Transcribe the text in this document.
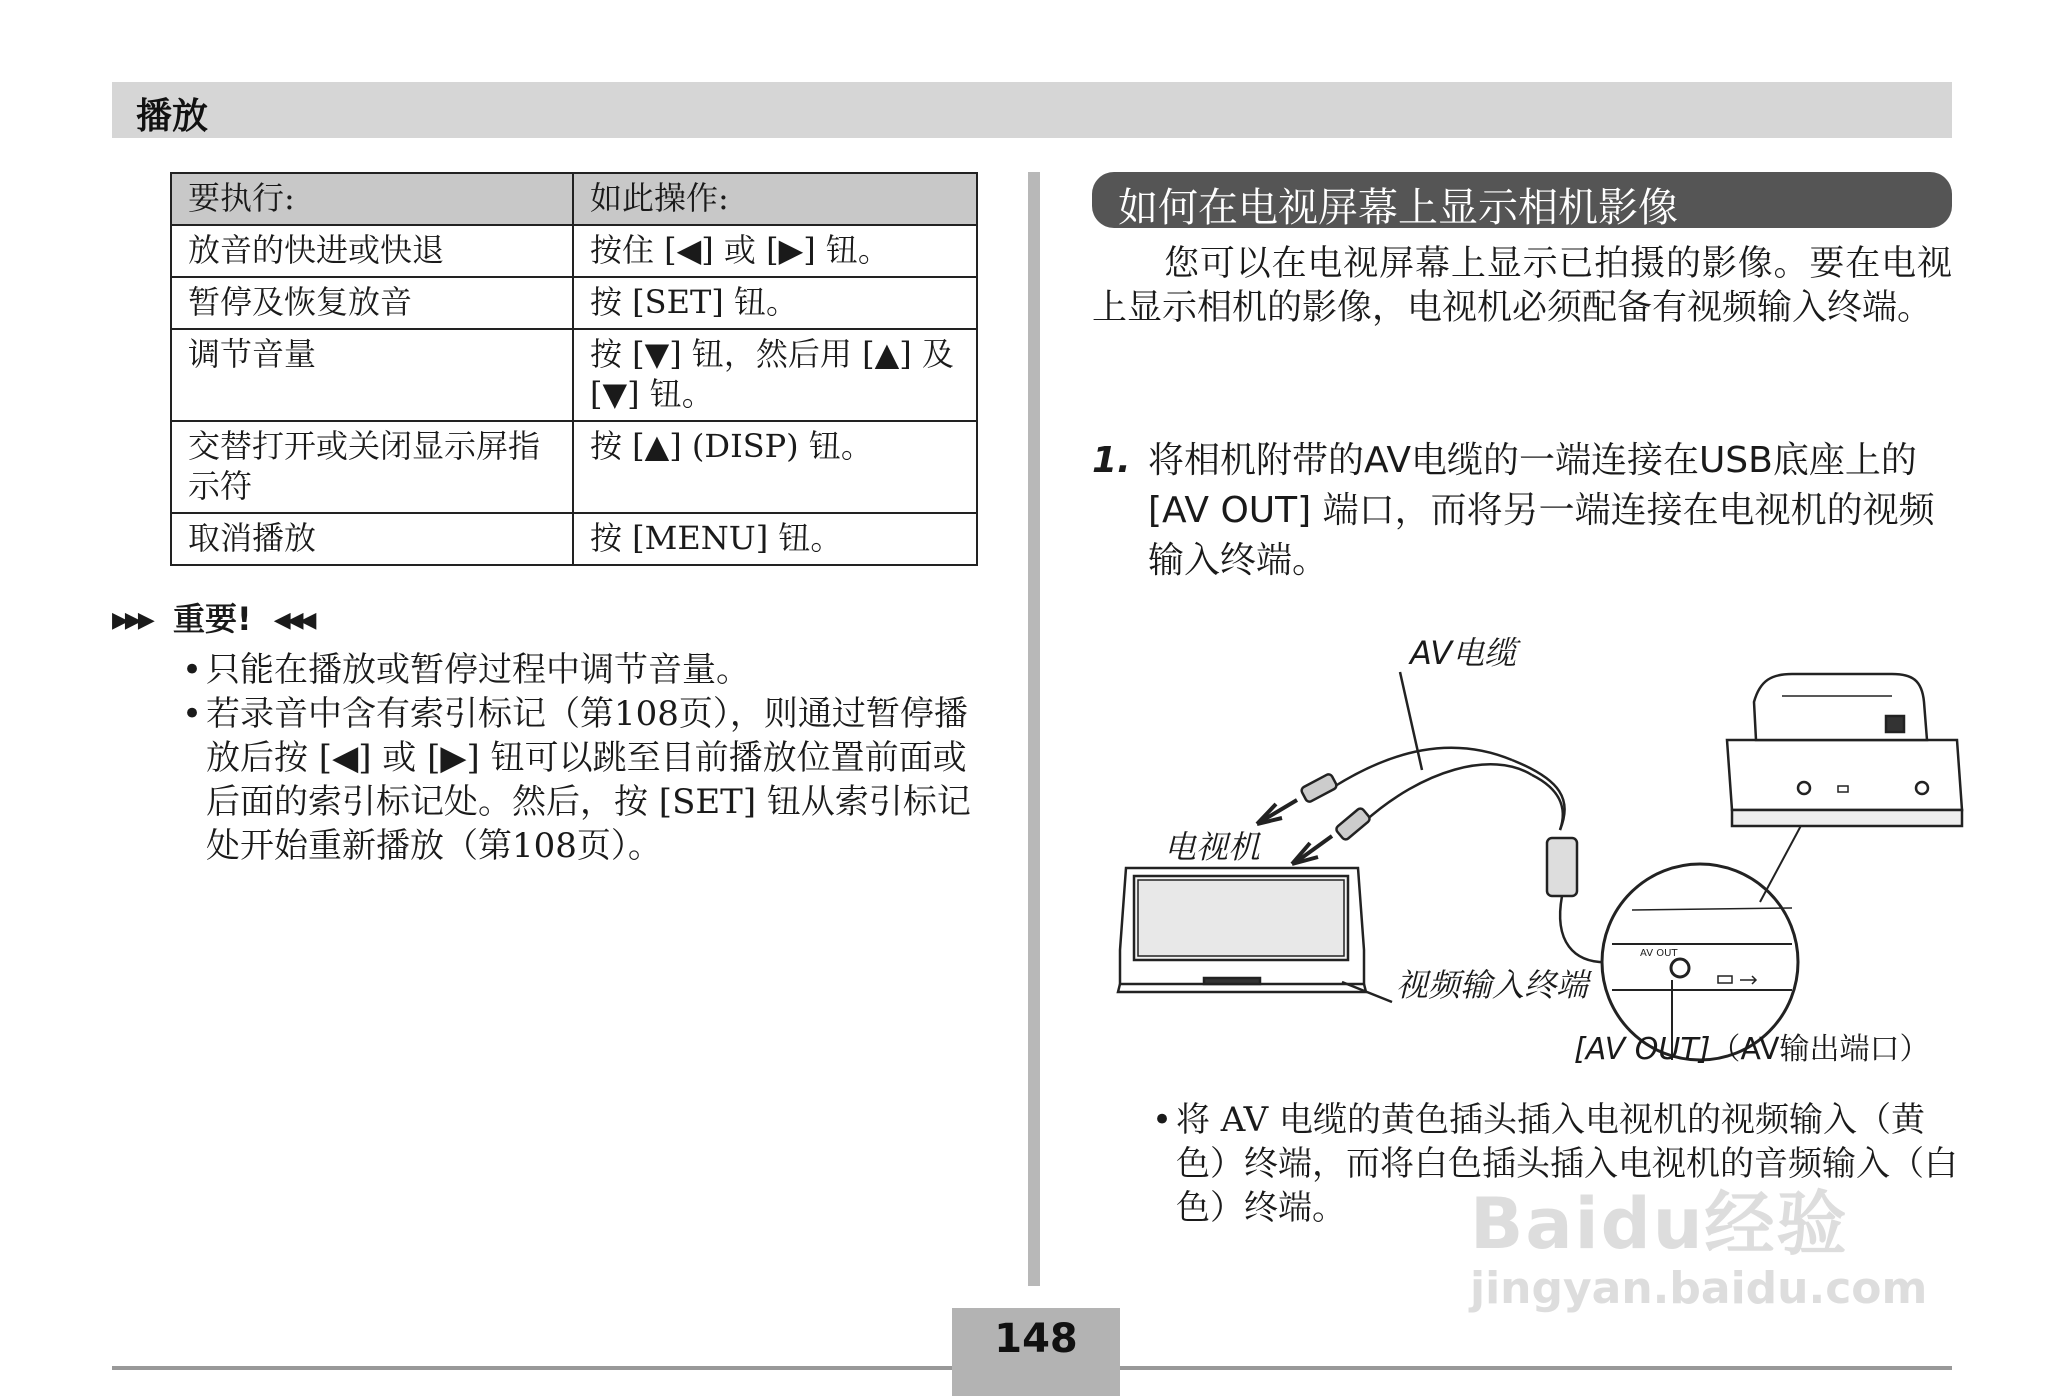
播放
要执行:	如此操作:
放音的快进或快退	按住 [◀] 或 [▶] 钮。
暂停及恢复放音	按 [SET] 钮。
调节音量	按 [▼] 钮，然后用 [▲] 及 [▼] 钮。
交替打开或关闭显示屏指示符	按 [▲] (DISP) 钮。
取消播放	按 [MENU] 钮。
▶▶▶ 重要! ◀◀◀
• 只能在播放或暂停过程中调节音量。
• 若录音中含有索引标记（第108页），则通过暂停播放后按 [◀] 或 [▶] 钮可以跳至目前播放位置前面或后面的索引标记处。然后，按 [SET] 钮从索引标记处开始重新播放（第108页）。
如何在电视屏幕上显示相机影像
您可以在电视屏幕上显示已拍摄的影像。要在电视上显示相机的影像，电视机必须配备有视频输入终端。
1. 将相机附带的AV电缆的一端连接在USB底座上的 [AV OUT] 端口，而将另一端连接在电视机的视频输入终端。
AV OUT
AV电缆
电视机
视频输入终端
[AV OUT]（AV输出端口）
• 将 AV 电缆的黄色插头插入电视机的视频输入（黄色）终端，而将白色插头插入电视机的音频输入（白色）终端。	Baidu经验
jingyan.baidu.com
148
